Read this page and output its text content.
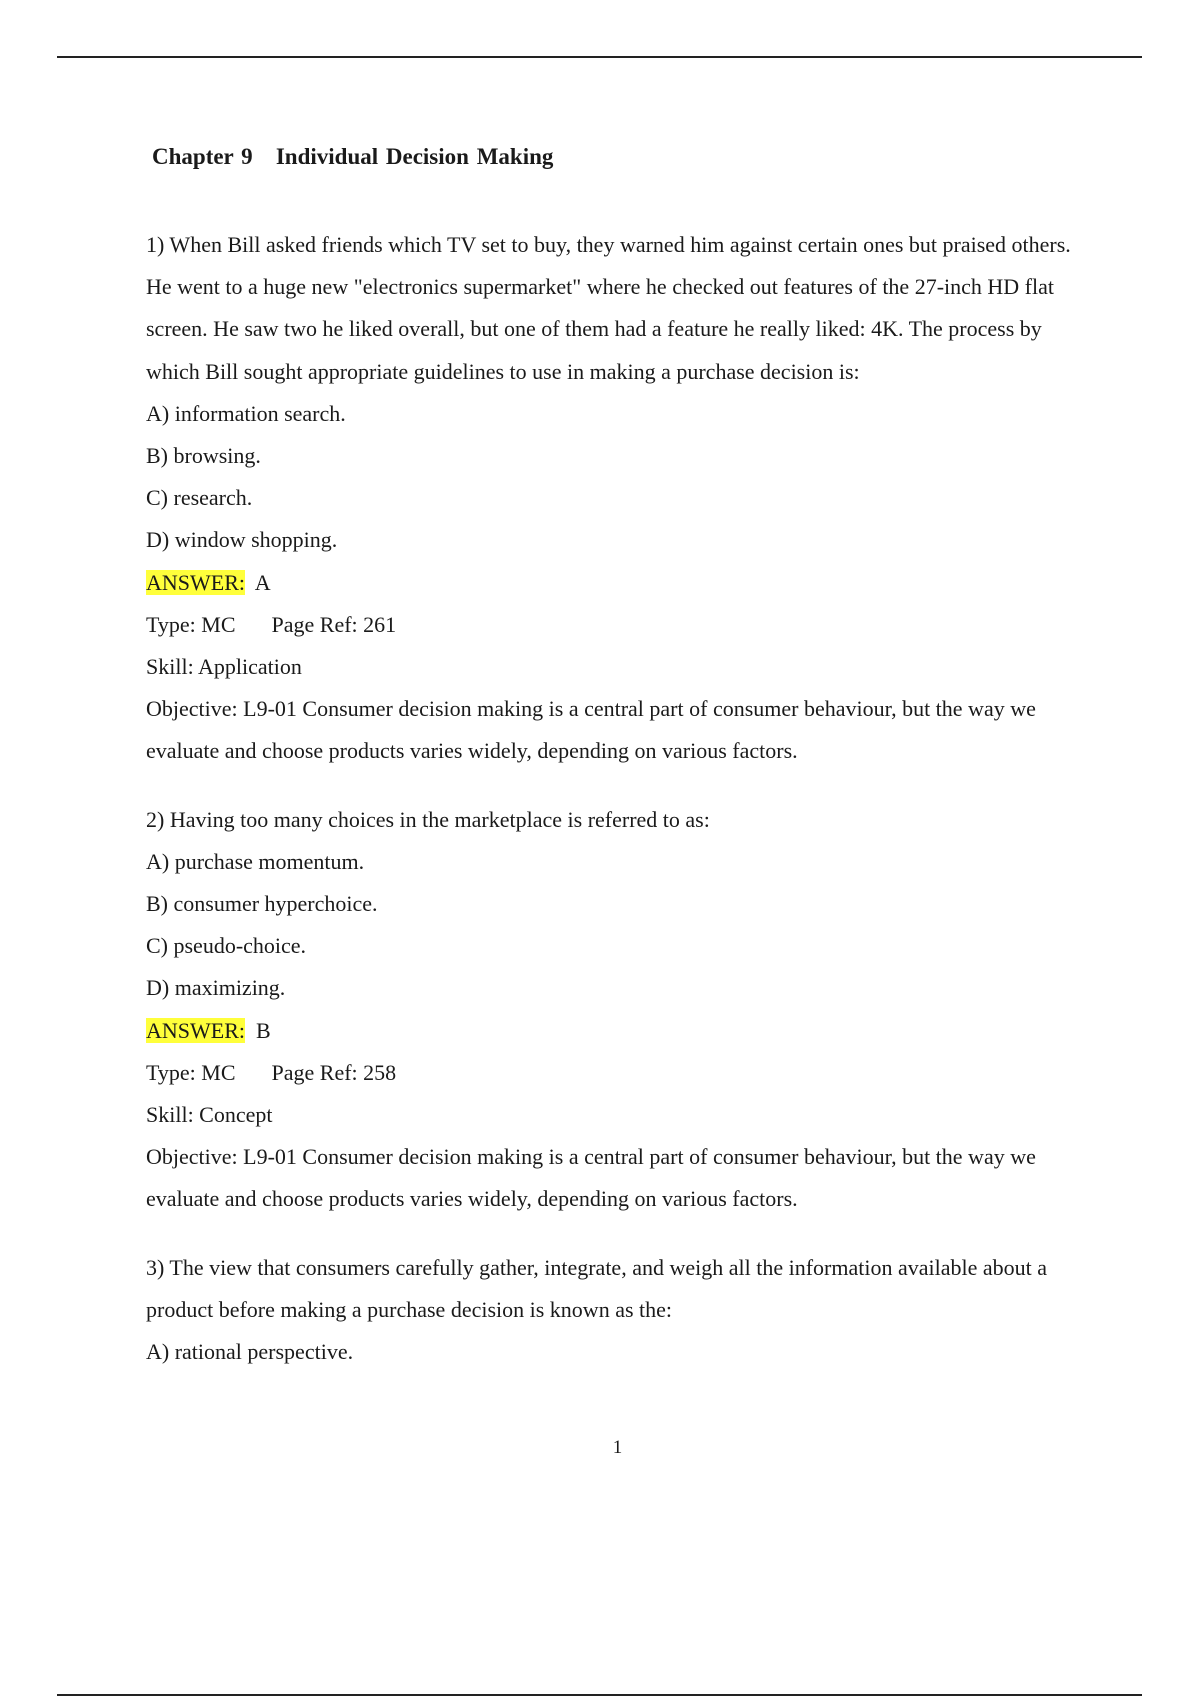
Chapter 9   Individual Decision Making

1) When Bill asked friends which TV set to buy, they warned him against certain ones but praised others. He went to a huge new "electronics supermarket" where he checked out features of the 27-inch HD flat screen. He saw two he liked overall, but one of them had a feature he really liked: 4K. The process by which Bill sought appropriate guidelines to use in making a purchase decision is:

A) information search.

B) browsing.

C) research.

D) window shopping.

ANSWER: A

Type: MC Page Ref: 261

Skill: Application

Objective: L9-01 Consumer decision making is a central part of consumer behaviour, but the way we evaluate and choose products varies widely, depending on various factors.

2) Having too many choices in the marketplace is referred to as:

A) purchase momentum.

B) consumer hyperchoice.

C) pseudo-choice.

D) maximizing.

ANSWER: B

Type: MC Page Ref: 258

Skill: Concept

Objective: L9-01 Consumer decision making is a central part of consumer behaviour, but the way we evaluate and choose products varies widely, depending on various factors.

3) The view that consumers carefully gather, integrate, and weigh all the information available about a product before making a purchase decision is known as the:

A) rational perspective.

1
